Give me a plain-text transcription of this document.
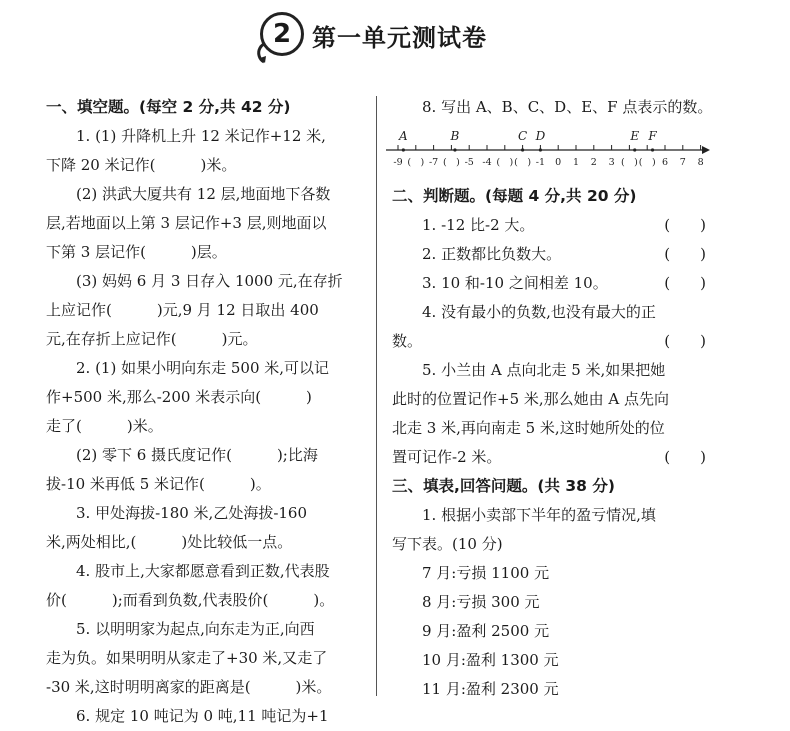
2 第一单元测试卷
一、填空题。(每空 2 分,共 42 分)

1. (1) 升降机上升 12 米记作+12 米,

下降 20 米记作(　　　)米。

(2) 洪武大厦共有 12 层,地面地下各数

层,若地面以上第 3 层记作+3 层,则地面以

下第 3 层记作(　　　)层。

(3) 妈妈 6 月 3 日存入 1000 元,在存折

上应记作(　　　)元,9 月 12 日取出 400

元,在存折上应记作(　　　)元。

2. (1) 如果小明向东走 500 米,可以记

作+500 米,那么-200 米表示向(　　　)

走了(　　　)米。

(2) 零下 6 摄氏度记作(　　　);比海

拔-10 米再低 5 米记作(　　　)。

3. 甲处海拔-180 米,乙处海拔-160

米,两处相比,(　　　)处比较低一点。

4. 股市上,大家都愿意看到正数,代表股

价(　　　);而看到负数,代表股价(　　　)。

5. 以明明家为起点,向东走为正,向西

走为负。如果明明从家走了+30 米,又走了

-30 米,这时明明离家的距离是(　　　)米。

6. 规定 10 吨记为 0 吨,11 吨记为+1

8. 写出 A、B、C、D、E、F 点表示的数。

-9 (　) -7 (　) -5 -4 (　) (　) -1 0 1 2 3 (　) (　) 6 7 8
A	B	C D	E F
二、判断题。(每题 4 分,共 20 分)
1. -12 比-2 大。	(　　)
2. 正数都比负数大。	(　　)
3. 10 和-10 之间相差 10。	(　　)

4. 没有最小的负数,也没有最大的正

数。	(　　)

5. 小兰由 A 点向北走 5 米,如果把她

此时的位置记作+5 米,那么她由 A 点先向

北走 3 米,再向南走 5 米,这时她所处的位

置可记作-2 米。	(　　)
三、填表,回答问题。(共 38 分)

1. 根据小卖部下半年的盈亏情况,填

写下表。(10 分)

7 月:亏损 1100 元

8 月:亏损 300 元

9 月:盈利 2500 元

10 月:盈利 1300 元

11 月:盈利 2300 元
